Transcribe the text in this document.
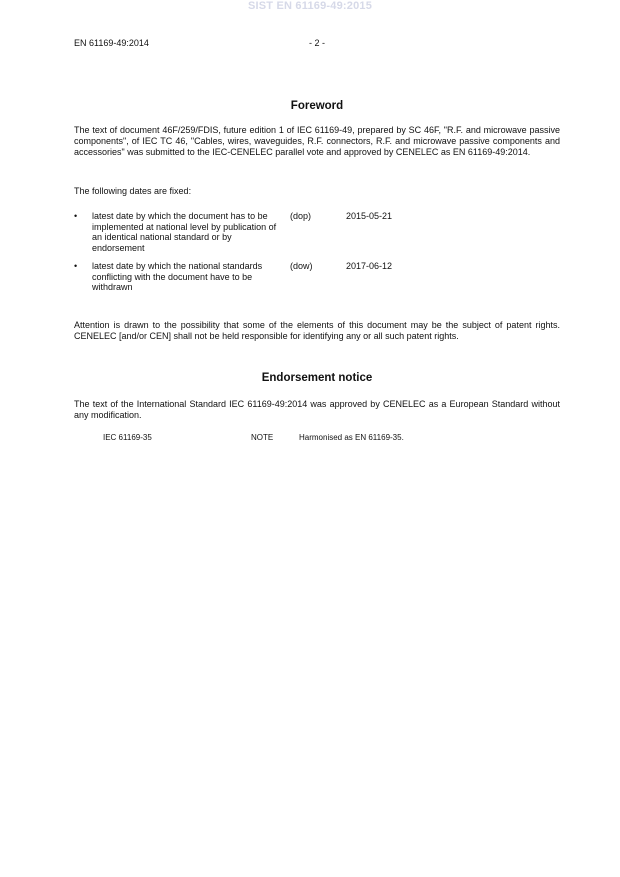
SIST EN 61169-49:2015
EN 61169-49:2014	- 2 -
Foreword
The text of document 46F/259/FDIS, future edition 1 of IEC 61169-49, prepared by SC 46F, "R.F. and microwave passive components", of IEC TC 46, "Cables, wires, waveguides, R.F. connectors, R.F. and microwave passive components and accessories" was submitted to the IEC-CENELEC parallel vote and approved by CENELEC as EN 61169-49:2014.
The following dates are fixed:
• latest date by which the document has to be implemented at national level by publication of an identical national standard or by endorsement
(dop)	2015-05-21
• latest date by which the national standards conflicting with the document have to be withdrawn
(dow)	2017-06-12
Attention is drawn to the possibility that some of the elements of this document may be the subject of patent rights. CENELEC [and/or CEN] shall not be held responsible for identifying any or all such patent rights.
Endorsement notice
The text of the International Standard IEC 61169-49:2014 was approved by CENELEC as a European Standard without any modification.
IEC 61169-35	NOTE	Harmonised as EN 61169-35.
